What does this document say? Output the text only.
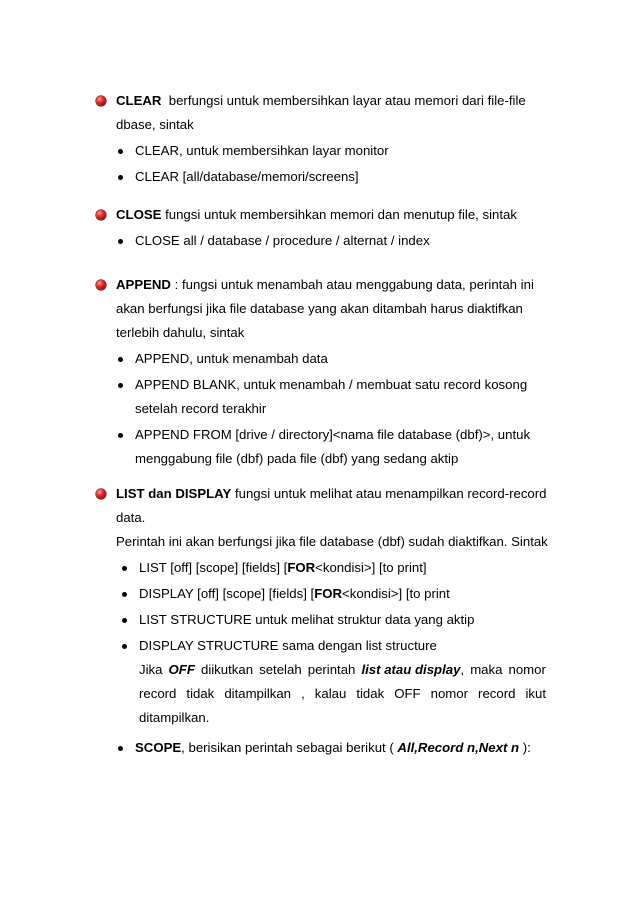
CLEAR  berfungsi untuk membersihkan layar atau memori dari file-file
dbase, sintak
CLEAR, untuk membersihkan layar monitor
CLEAR [all/database/memori/screens]
CLOSE fungsi untuk membersihkan memori dan menutup file, sintak
CLOSE all / database / procedure / alternat / index
APPEND : fungsi untuk menambah atau menggabung data, perintah ini
akan berfungsi jika file database yang akan ditambah harus diaktifkan
terlebih dahulu, sintak
APPEND, untuk menambah data
APPEND BLANK, untuk menambah / membuat satu record kosong
setelah record terakhir
APPEND FROM [drive / directory]<nama file database (dbf)>, untuk
menggabung file (dbf) pada file (dbf) yang sedang aktip
LIST dan DISPLAY fungsi untuk melihat atau menampilkan record-record
data.
Perintah ini akan berfungsi jika file database (dbf) sudah diaktifkan. Sintak
LIST [off] [scope] [fields] [FOR<kondisi>] [to print]
DISPLAY [off] [scope] [fields] [FOR<kondisi>] [to print
LIST STRUCTURE untuk melihat struktur data yang aktip
DISPLAY STRUCTURE sama dengan list structure
Jika OFF diikutkan setelah perintah list atau display, maka nomor
record tidak ditampilkan , kalau tidak OFF nomor record ikut
ditampilkan.
SCOPE, berisikan perintah sebagai berikut ( All,Record n,Next n ):
